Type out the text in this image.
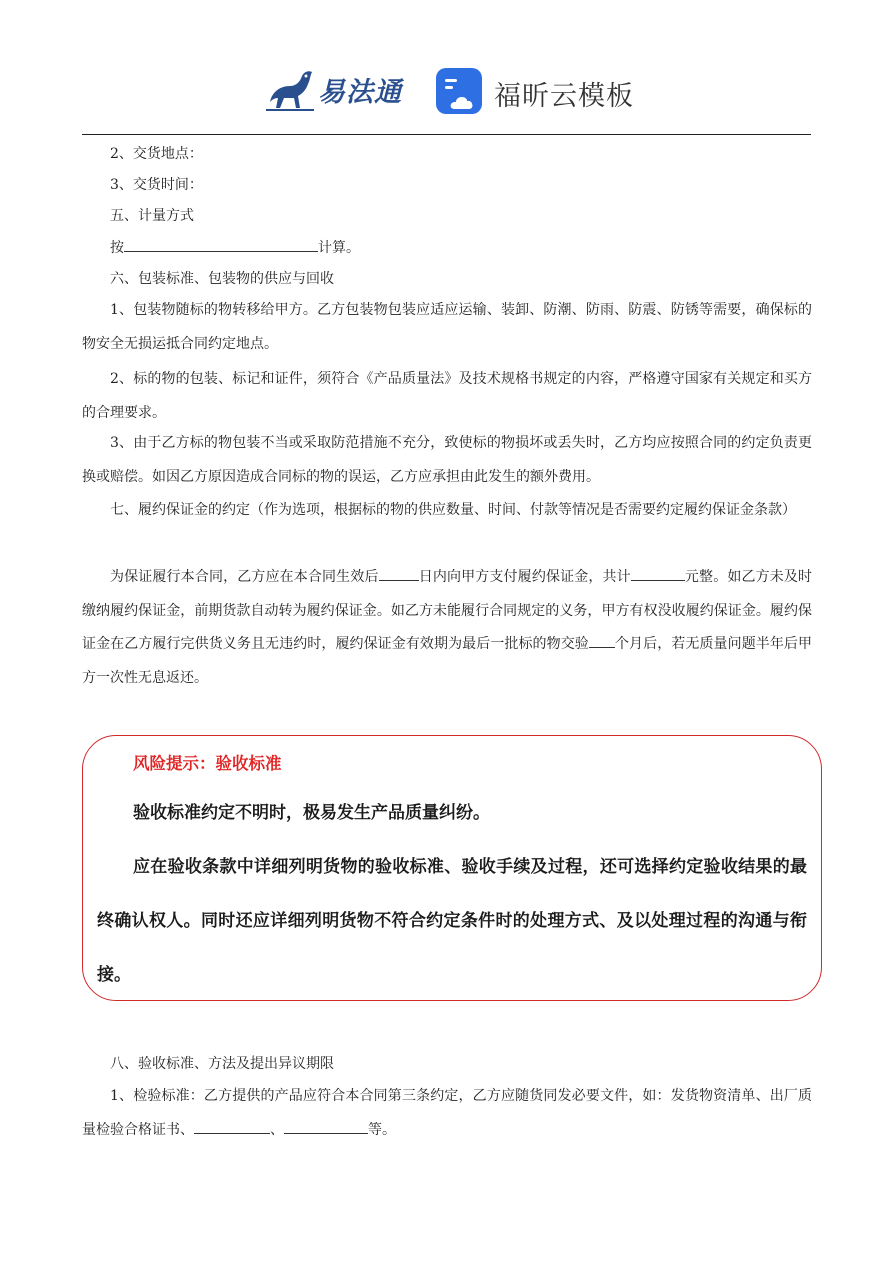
易法通	福昕云模板
2、交货地点：
3、交货时间：
五、计量方式
按	计算。
六、包装标准、包装物的供应与回收
1、包装物随标的物转移给甲方。乙方包装物包装应适应运输、装卸、防潮、防雨、防震、防锈等需要，确保标的物安全无损运抵合同约定地点。
2、标的物的包装、标记和证件，须符合《产品质量法》及技术规格书规定的内容，严格遵守国家有关规定和买方的合理要求。
3、由于乙方标的物包装不当或采取防范措施不充分，致使标的物损坏或丢失时，乙方均应按照合同的约定负责更换或赔偿。如因乙方原因造成合同标的物的误运，乙方应承担由此发生的额外费用。
七、履约保证金的约定（作为选项，根据标的物的供应数量、时间、付款等情况是否需要约定履约保证金条款）
为保证履行本合同，乙方应在本合同生效后	日内向甲方支付履约保证金，共计	元整。如乙方未及时缴纳履约保证金，前期货款自动转为履约保证金。如乙方未能履行合同规定的义务，甲方有权没收履约保证金。履约保证金在乙方履行完供货义务且无违约时，履约保证金有效期为最后一批标的物交验 个月后，若无质量问题半年后甲方一次性无息返还。
风险提示：验收标准

验收标准约定不明时，极易发生产品质量纠纷。

应在验收条款中详细列明货物的验收标准、验收手续及过程，还可选择约定验收结果的最终确认权人。同时还应详细列明货物不符合约定条件时的处理方式、及以处理过程的沟通与衔接。

八、验收标准、方法及提出异议期限
1、检验标准：乙方提供的产品应符合本合同第三条约定，乙方应随货同发必要文件，如：发货物资清单、出厂质量检验合格证书、	、	等。
